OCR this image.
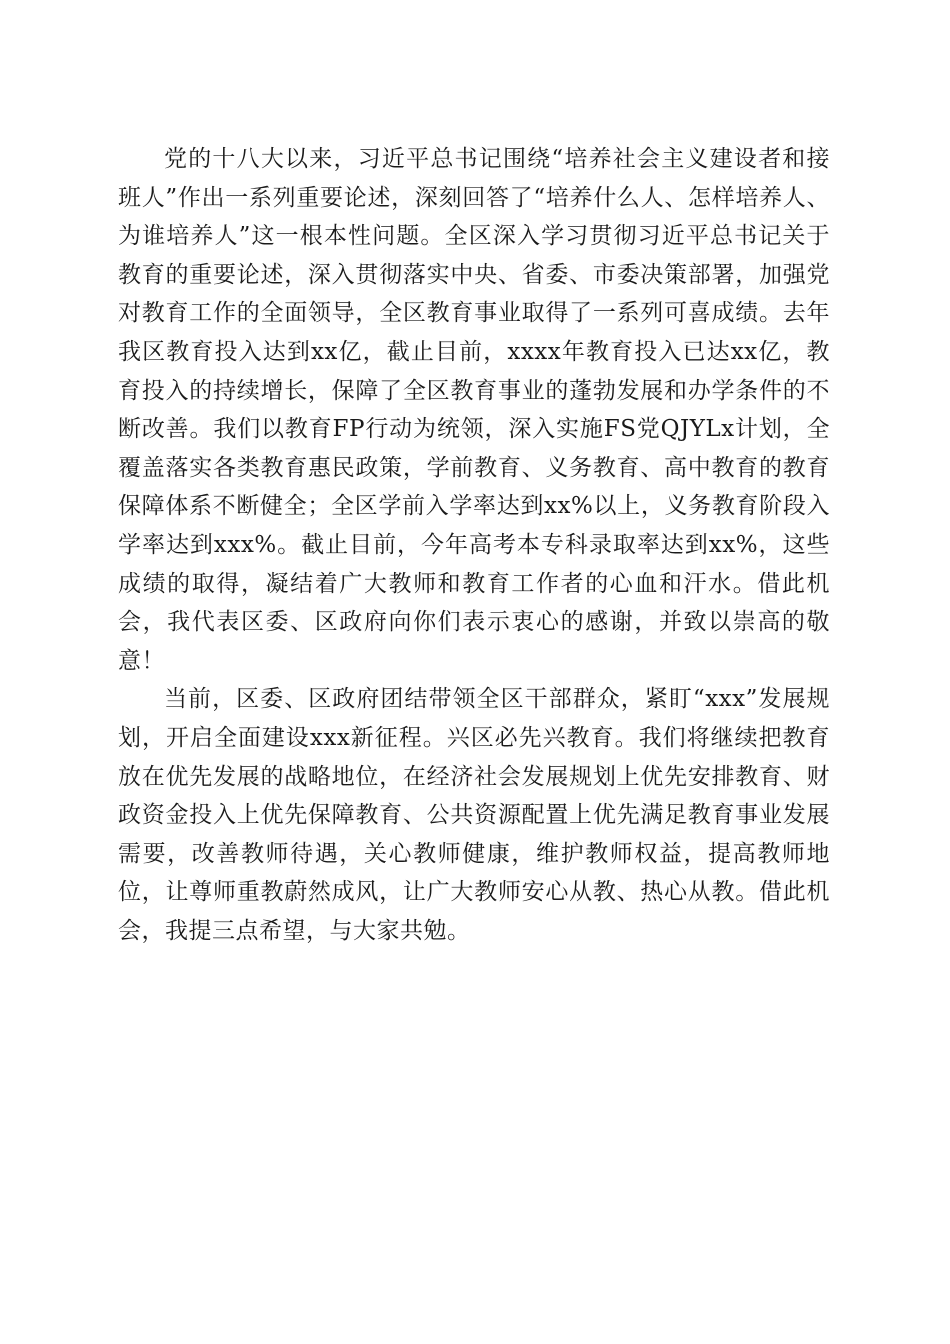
党的十八大以来，习近平总书记围绕“培养社会主义建设者和接班人”作出一系列重要论述，深刻回答了“培养什么人、怎样培养人、为谁培养人”这一根本性问题。全区深入学习贯彻习近平总书记关于教育的重要论述，深入贯彻落实中央、省委、市委决策部署，加强党对教育工作的全面领导，全区教育事业取得了一系列可喜成绩。去年我区教育投入达到xx亿，截止目前，xxxx年教育投入已达xx亿，教育投入的持续增长，保障了全区教育事业的蓬勃发展和办学条件的不断改善。我们以教育FP行动为统领，深入实施FS党QJYLx计划，全覆盖落实各类教育惠民政策，学前教育、义务教育、高中教育的教育保障体系不断健全；全区学前入学率达到xx%以上，义务教育阶段入学率达到xxx%。截止目前，今年高考本专科录取率达到xx%，这些成绩的取得，凝结着广大教师和教育工作者的心血和汗水。借此机会，我代表区委、区政府向你们表示衷心的感谢，并致以崇高的敬意！

当前，区委、区政府团结带领全区干部群众，紧盯“xxx”发展规划，开启全面建设xxx新征程。兴区必先兴教育。我们将继续把教育放在优先发展的战略地位，在经济社会发展规划上优先安排教育、财政资金投入上优先保障教育、公共资源配置上优先满足教育事业发展需要，改善教师待遇，关心教师健康，维护教师权益，提高教师地位，让尊师重教蔚然成风，让广大教师安心从教、热心从教。借此机会，我提三点希望，与大家共勉。
